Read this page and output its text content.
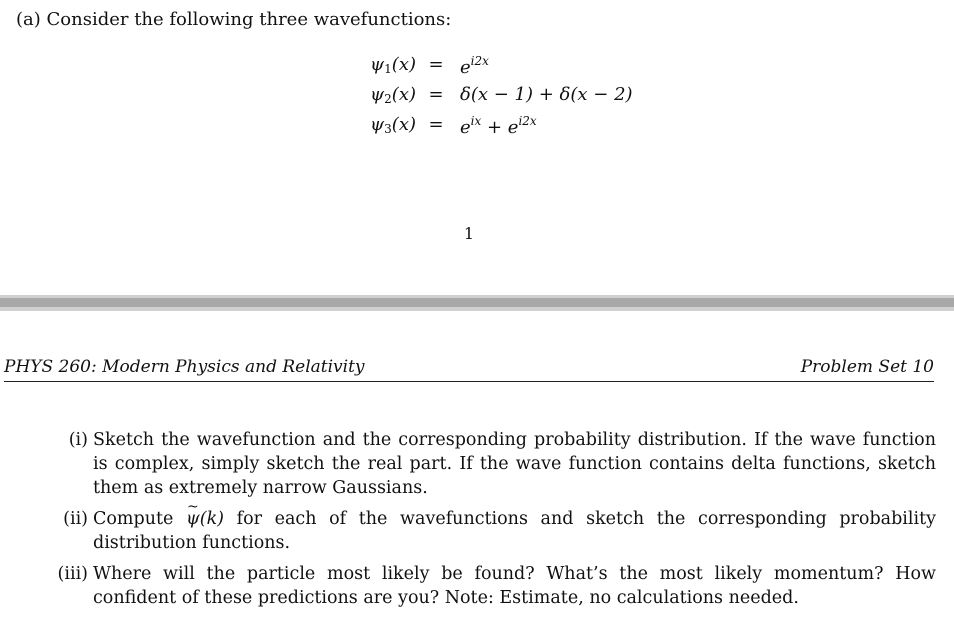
(a) Consider the following three wavefunctions:
$\psi_1(x) = e^{i2x}$
$\psi_2(x) = \delta(x - 1) + \delta(x - 2)$
$\psi_3(x) = e^{ix} + e^{i2x}$
1
PHYS 260: Modern Physics and Relativity	Problem Set 10
(i) Sketch the wavefunction and the corresponding probability distribution. If the wave function is complex, simply sketch the real part. If the wave function contains delta functions, sketch them as extremely narrow Gaussians.
(ii) Compute ~ ψ(k) for each of the wavefunctions and sketch the corresponding probability distribution functions.
(iii) Where will the particle most likely be found? What’s the most likely momentum? How confident of these predictions are you? Note: Estimate, no calculations needed.
